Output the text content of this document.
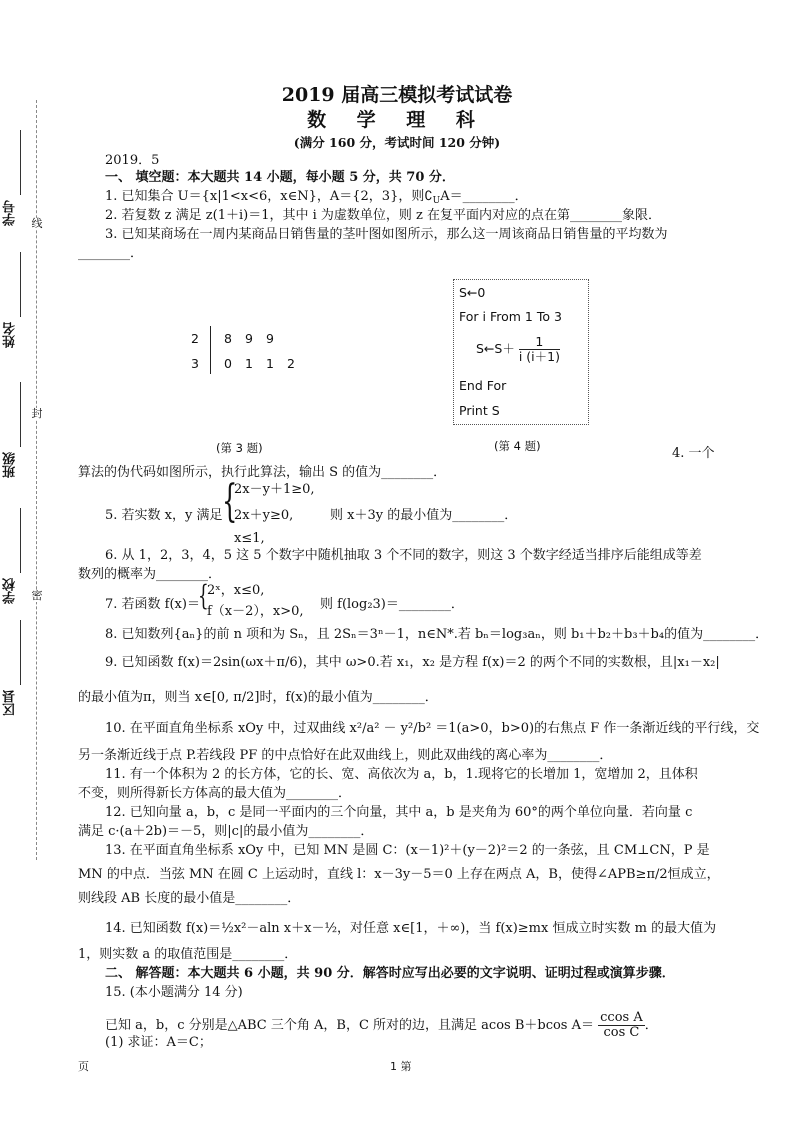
线
封
密
区县
学校
班级
姓名
学号
2019 届高三模拟考试试卷
数 学 理 科
(满分 160 分，考试时间 120 分钟)
2019．5
一、 填空题：本大题共 14 小题，每小题 5 分，共 70 分．
1. 已知集合 U＝{x|1<x<6，x∈N}，A＝{2，3}，则$∁_UA=\_\_\_\_\_\_\_\_$．
2. 若复数 z 满足 z(1＋i)＝1，其中 i 为虚数单位，则 z 在复平面内对应的点在第________象限．
3. 已知某商场在一周内某商品日销售量的茎叶图如图所示，那么这一周该商品日销售量的平均数为
________．
2 8 9 9
3 0 1 1 2
(第 3 题)
S←0
For i From 1 To 3
S←S＋ $\frac{1}{i (i+1)}$
End For
Print S
(第 4 题)	4. 一个
算法的伪代码如图所示，执行此算法，输出 S 的值为________．
5. 若实数 x，y 满足 {
2x－y＋1≥0,
2x＋y≥0,
x≤1,
则 x＋3y 的最小值为________．
6. 从 1，2，3，4，5 这 5 个数字中随机抽取 3 个不同的数字，则这 3 个数字经适当排序后能组成等差
数列的概率为________．
7. 若函数 f(x)＝
{
2ˣ，x≤0,
f（x－2），x>0, 则 f(log₂3)＝________．
8. 已知数列{aₙ}的前 n 项和为 Sₙ，且 2Sₙ＝3ⁿ－1，n∈N*.若 bₙ＝log₃aₙ，则 b₁＋b₂＋b₃＋b₄的值为________．
9. 已知函数 f(x)＝2sin(ωx＋π/6)，其中 ω>0.若 x₁，x₂ 是方程 f(x)＝2 的两个不同的实数根，且|x₁－x₂|
的最小值为π，则当 x∈[0, π/2]时，f(x)的最小值为________．
10. 在平面直角坐标系 xOy 中，过双曲线 x²/a² － y²/b² ＝1(a>0，b>0)的右焦点 F 作一条渐近线的平行线，交
另一条渐近线于点 P.若线段 PF 的中点恰好在此双曲线上，则此双曲线的离心率为________．
11. 有一个体积为 2 的长方体，它的长、宽、高依次为 a，b，1.现将它的长增加 1，宽增加 2，且体积
不变，则所得新长方体高的最大值为________．
12. 已知向量 a，b，c 是同一平面内的三个向量，其中 a，b 是夹角为 60°的两个单位向量．若向量 c
满足 c·(a＋2b)＝－5，则|c|的最小值为________．
13. 在平面直角坐标系 xOy 中，已知 MN 是圆 C：(x－1)²＋(y－2)²＝2 的一条弦，且 CM⊥CN，P 是
MN 的中点．当弦 MN 在圆 C 上运动时，直线 l：x－3y－5＝0 上存在两点 A，B，使得∠APB≥π/2恒成立，
则线段 AB 长度的最小值是________．
14. 已知函数 f(x)＝½x²－aln x＋x－½，对任意 x∈[1，＋∞)，当 f(x)≥mx 恒成立时实数 m 的最大值为
1，则实数 a 的取值范围是________．
二、 解答题：本大题共 6 小题，共 90 分．解答时应写出必要的文字说明、证明过程或演算步骤．
15. (本小题满分 14 分)
已知 a，b，c 分别是△ABC 三个角 A，B，C 所对的边，且满足 acos B＋bcos $A= \frac{\text{ccos A}}{\text{cos C}}$ ．
(1) 求证：A＝C；
页	1 第
